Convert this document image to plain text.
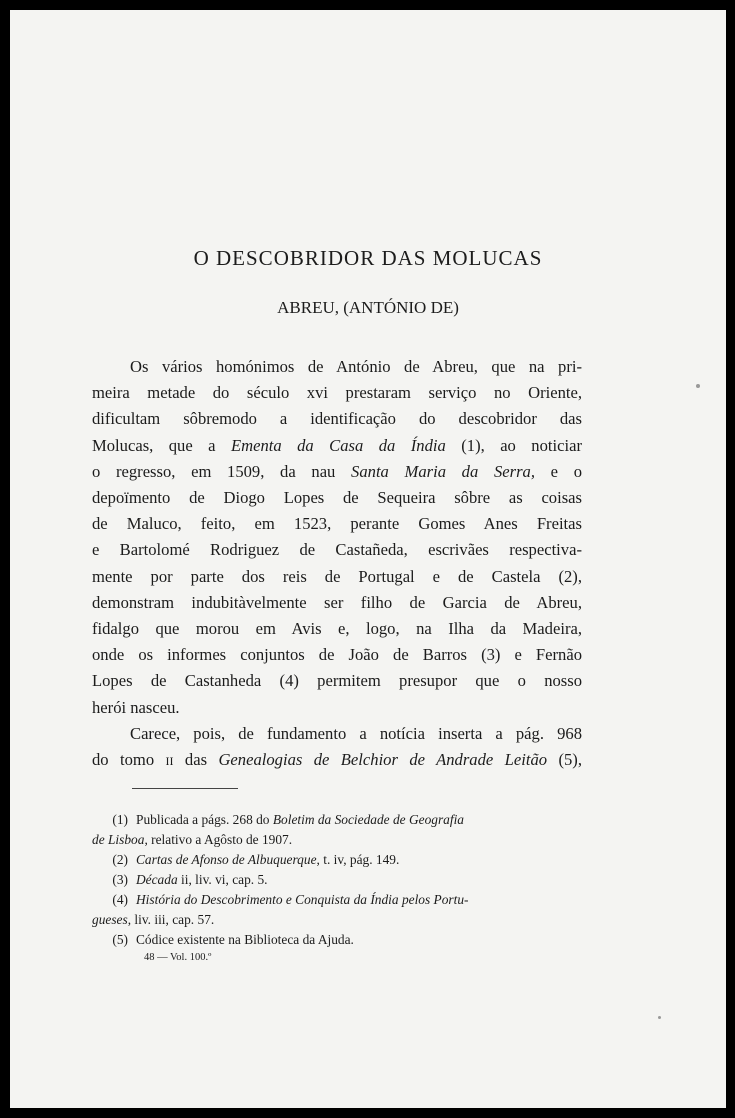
O DESCOBRIDOR DAS MOLUCAS
ABREU, (ANTÓNIO DE)
Os vários homónimos de António de Abreu, que na pri-
meira metade do século xvi prestaram serviço no Oriente,
dificultam sôbremodo a identificação do descobridor das
Molucas, que a Ementa da Casa da Índia (1), ao noticiar
o regresso, em 1509, da nau Santa Maria da Serra, e o
depoïmento de Diogo Lopes de Sequeira sôbre as coisas
de Maluco, feito, em 1523, perante Gomes Anes Freitas
e Bartolomé Rodriguez de Castañeda, escrivães respectiva-
mente por parte dos reis de Portugal e de Castela (2),
demonstram indubitàvelmente ser filho de Garcia de Abreu,
fidalgo que morou em Avis e, logo, na Ilha da Madeira,
onde os informes conjuntos de João de Barros (3) e Fernão
Lopes de Castanheda (4) permitem presupor que o nosso
herói nasceu.
Carece, pois, de fundamento a notícia inserta a pág. 968
do tomo ii das Genealogias de Belchior de Andrade Leitão (5),
(1) Publicada a págs. 268 do Boletim da Sociedade de Geografia
de Lisboa, relativo a Agôsto de 1907.
(2) Cartas de Afonso de Albuquerque, t. iv, pág. 149.
(3) Década ii, liv. vi, cap. 5.
(4) História do Descobrimento e Conquista da Índia pelos Portu-
gueses, liv. iii, cap. 57.
(5) Códice existente na Biblioteca da Ajuda.
48 — Vol. 100.º
